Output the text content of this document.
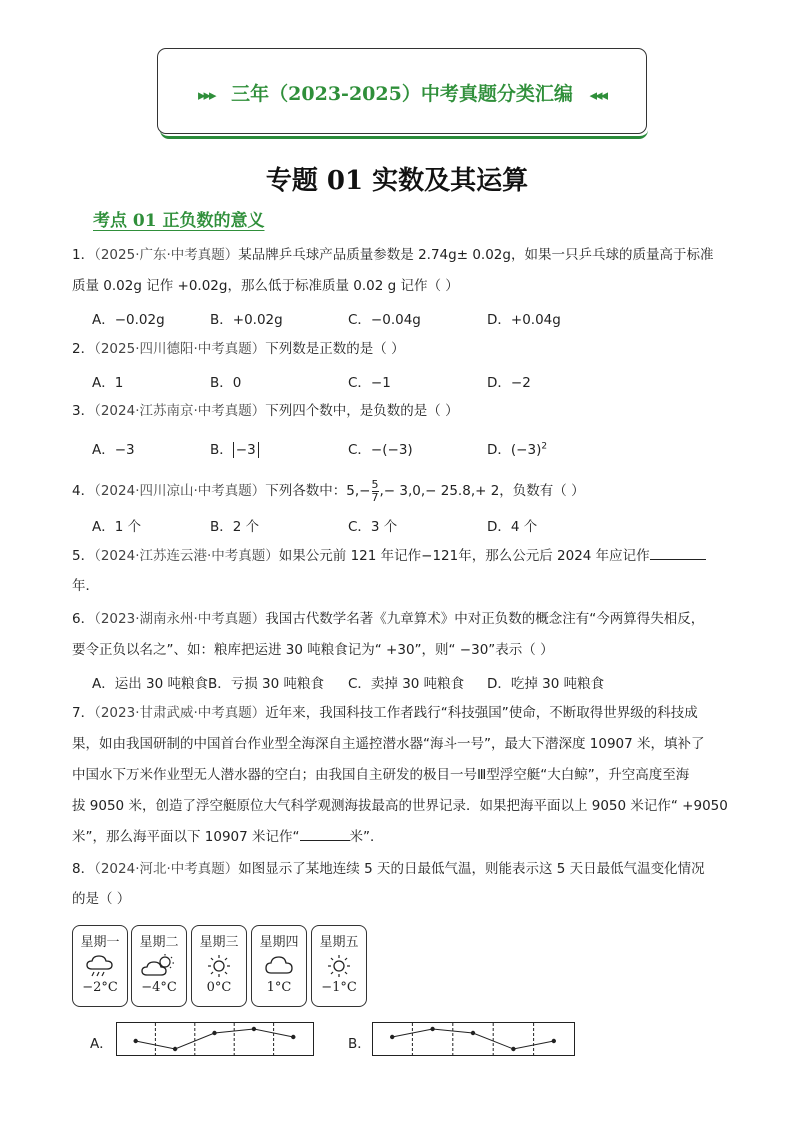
▸▸▸ 三年（2023-2025）中考真题分类汇编 ◂◂◂
专题 01 实数及其运算
考点 01 正负数的意义
1．（2025·广东·中考真题）某品牌乒乓球产品质量参数是 2.74g± 0.02g，如果一只乒乓球的质量高于标准
质量 0.02g 记作 +0.02g，那么低于标准质量 0.02 g 记作（ ）
A．−0.02g	B．+0.02g	C．−0.04g	D．+0.04g
2．（2025·四川德阳·中考真题）下列数是正数的是（ ）
A．1	B．0	C．−1	D．−2
3．（2024·江苏南京·中考真题）下列四个数中，是负数的是（ ）
A．−3	B． −3	C．−(−3)	D．$(-3)^2$
4．（2024·四川凉山·中考真题）下列各数中：$5,- \frac{5}{7}$ ,− 3,0,− 25.8,+ 2，负数有（ ）
A．1 个	B．2 个	C．3 个	D．4 个
5．（2024·江苏连云港·中考真题）如果公元前 121 年记作−121年，那么公元后 2024 年应记作
年．
6．（2023·湖南永州·中考真题）我国古代数学名著《九章算术》中对正负数的概念注有“今两算得失相反，
要令正负以名之”、如：粮库把运进 30 吨粮食记为“ +30”，则“ −30”表示（ ）
A．运出 30 吨粮食 B．亏损 30 吨粮食 C．卖掉 30 吨粮食 D．吃掉 30 吨粮食
7．（2023·甘肃武威·中考真题）近年来，我国科技工作者践行“科技强国”使命，不断取得世界级的科技成
果，如由我国研制的中国首台作业型全海深自主遥控潜水器“海斗一号”，最大下潜深度 10907 米，填补了
中国水下万米作业型无人潜水器的空白；由我国自主研发的极目一号Ⅲ型浮空艇“大白鲸”，升空高度至海
拔 9050 米，创造了浮空艇原位大气科学观测海拔最高的世界记录．如果把海平面以上 9050 米记作“ +9050
米”，那么海平面以下 10907 米记作“	米”．
8．（2024·河北·中考真题）如图显示了某地连续 5 天的日最低气温，则能表示这 5 天日最低气温变化情况
的是（ ）
星期一
−2°C
星期二
−4°C
星期三
0°C
星期四
1°C
星期五
−1°C
A．	B．
